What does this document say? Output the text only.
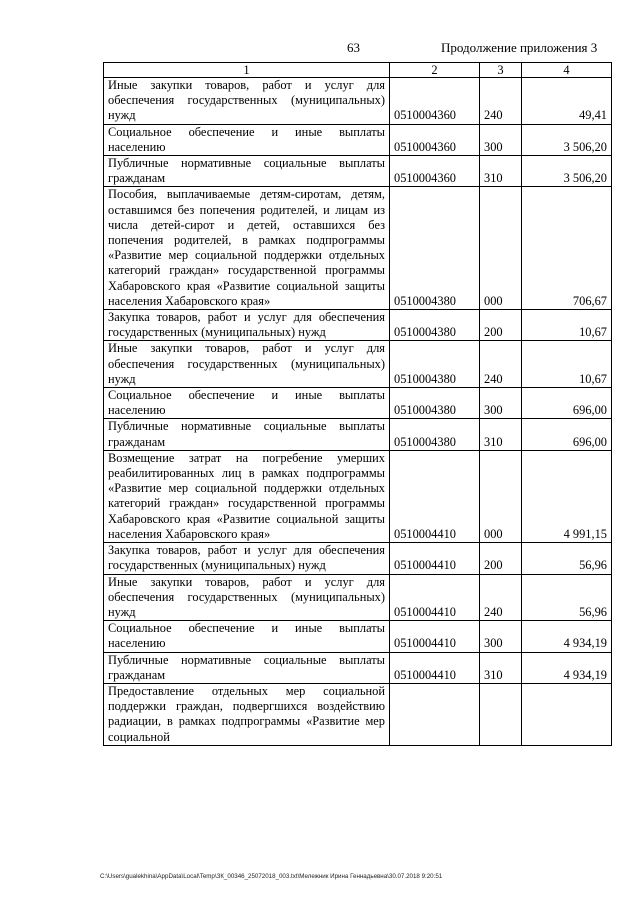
63	Продолжение приложения 3
1	2	3	4
Иные закупки товаров, работ и услуг для обеспечения государственных (муниципальных) нужд	0510004360	240	49,41
Социальное обеспечение и иные выплаты населению	0510004360	300	3 506,20
Публичные нормативные социальные выплаты гражданам	0510004360	310	3 506,20
Пособия, выплачиваемые детям-сиротам, детям, оставшимся без попечения родителей, и лицам из числа детей-сирот и детей, оставшихся без попечения родителей, в рамках подпрограммы «Развитие мер социальной поддержки отдельных категорий граждан» государственной программы Хабаровского края «Развитие социальной защиты населения Хабаровского края»	0510004380	000	706,67
Закупка товаров, работ и услуг для обеспечения государственных (муниципальных) нужд	0510004380	200	10,67
Иные закупки товаров, работ и услуг для обеспечения государственных (муниципальных) нужд	0510004380	240	10,67
Социальное обеспечение и иные выплаты населению	0510004380	300	696,00
Публичные нормативные социальные выплаты гражданам	0510004380	310	696,00
Возмещение затрат на погребение умерших реабилитированных лиц в рамках подпрограммы «Развитие мер социальной поддержки отдельных категорий граждан» государственной программы Хабаровского края «Развитие социальной защиты населения Хабаровского края»	0510004410	000	4 991,15
Закупка товаров, работ и услуг для обеспечения государственных (муниципальных) нужд	0510004410	200	56,96
Иные закупки товаров, работ и услуг для обеспечения государственных (муниципальных) нужд	0510004410	240	56,96
Социальное обеспечение и иные выплаты населению	0510004410	300	4 934,19
Публичные нормативные социальные выплаты гражданам	0510004410	310	4 934,19
Предоставление отдельных мер социальной поддержки граждан, подвергшихся воздействию радиации, в рамках подпрограммы «Развитие мер социальной			
C:\Users\gualekhina\AppData\Local\Temp\ЗК_00346_25072018_003.txt\Мележник Ирина Геннадьевна\30.07.2018 9:20:51
